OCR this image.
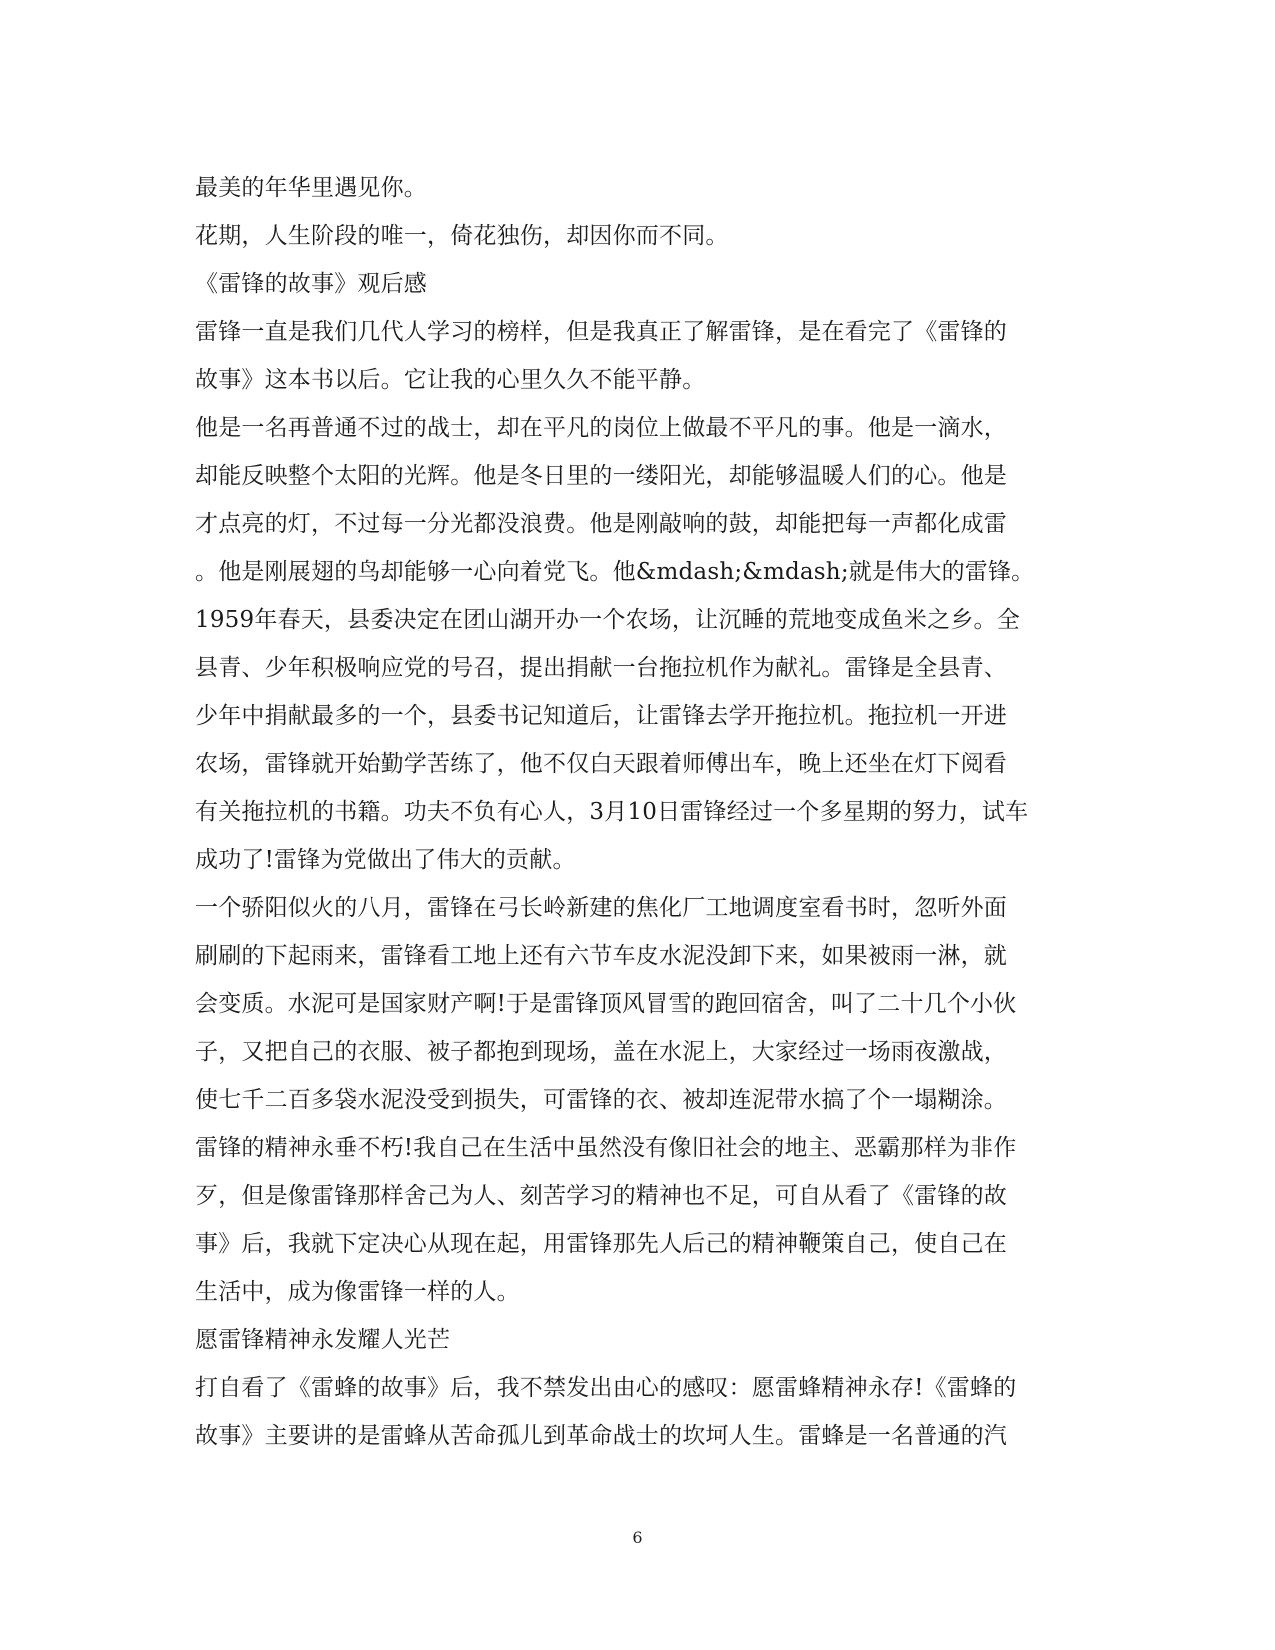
最美的年华里遇见你。
花期，人生阶段的唯一，倚花独伤，却因你而不同。
《雷锋的故事》观后感
雷锋一直是我们几代人学习的榜样，但是我真正了解雷锋，是在看完了《雷锋的
故事》这本书以后。它让我的心里久久不能平静。
他是一名再普通不过的战士，却在平凡的岗位上做最不平凡的事。他是一滴水，
却能反映整个太阳的光辉。他是冬日里的一缕阳光，却能够温暖人们的心。他是
才点亮的灯，不过每一分光都没浪费。他是刚敲响的鼓，却能把每一声都化成雷
。他是刚展翅的鸟却能够一心向着党飞。他&mdash;&mdash;就是伟大的雷锋。
1959年春天，县委决定在团山湖开办一个农场，让沉睡的荒地变成鱼米之乡。全
县青、少年积极响应党的号召，提出捐献一台拖拉机作为献礼。雷锋是全县青、
少年中捐献最多的一个，县委书记知道后，让雷锋去学开拖拉机。拖拉机一开进
农场，雷锋就开始勤学苦练了，他不仅白天跟着师傅出车，晚上还坐在灯下阅看
有关拖拉机的书籍。功夫不负有心人，3月10日雷锋经过一个多星期的努力，试车
成功了!雷锋为党做出了伟大的贡献。
一个骄阳似火的八月，雷锋在弓长岭新建的焦化厂工地调度室看书时，忽听外面
刷刷的下起雨来，雷锋看工地上还有六节车皮水泥没卸下来，如果被雨一淋，就
会变质。水泥可是国家财产啊!于是雷锋顶风冒雪的跑回宿舍，叫了二十几个小伙
子，又把自己的衣服、被子都抱到现场，盖在水泥上，大家经过一场雨夜激战，
使七千二百多袋水泥没受到损失，可雷锋的衣、被却连泥带水搞了个一塌糊涂。
雷锋的精神永垂不朽!我自己在生活中虽然没有像旧社会的地主、恶霸那样为非作
歹，但是像雷锋那样舍己为人、刻苦学习的精神也不足，可自从看了《雷锋的故
事》后，我就下定决心从现在起，用雷锋那先人后己的精神鞭策自己，使自己在
生活中，成为像雷锋一样的人。
愿雷锋精神永发耀人光芒
打自看了《雷蜂的故事》后，我不禁发出由心的感叹：愿雷蜂精神永存!《雷蜂的
故事》主要讲的是雷蜂从苦命孤儿到革命战士的坎坷人生。雷蜂是一名普通的汽
6
